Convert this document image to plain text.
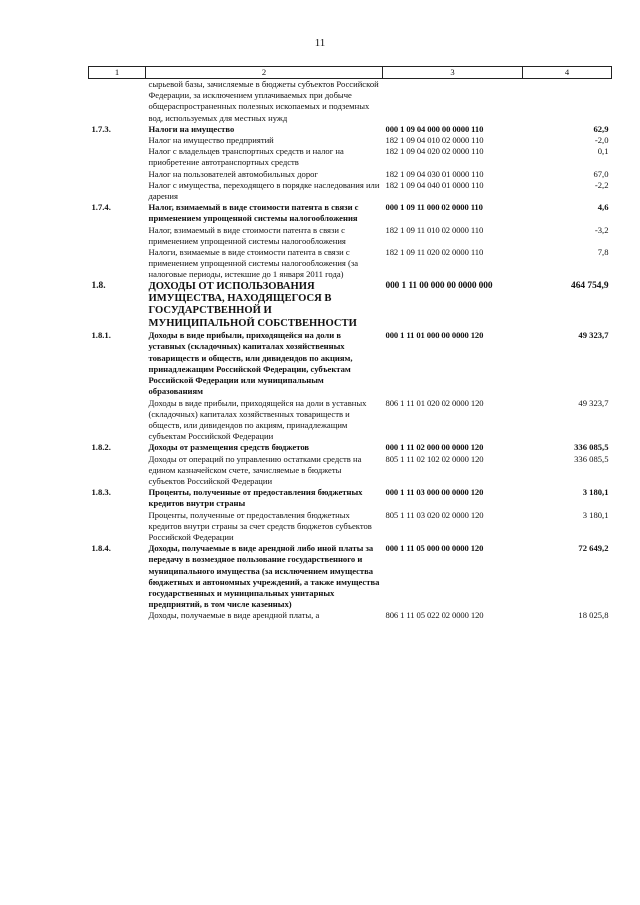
11
1	2	3	4
	сырьевой базы, зачисляемые в бюджеты субъектов Российской Федерации, за исключением уплачиваемых при добыче общераспространенных полезных ископаемых и подземных вод, используемых для местных нужд		
1.7.3.	Налоги на имущество	000 1 09 04 000 00 0000 110	62,9
	Налог на имущество предприятий	182 1 09 04 010 02 0000 110	-2,0
	Налог с владельцев транспортных средств и налог на приобретение автотранспортных средств	182 1 09 04 020 02 0000 110	0,1
	Налог на пользователей автомобильных дорог	182 1 09 04 030 01 0000 110	67,0
	Налог с имущества, переходящего в порядке наследования или дарения	182 1 09 04 040 01 0000 110	-2,2
1.7.4.	Налог, взимаемый в виде стоимости патента в связи с применением упрощенной системы налогообложения	000 1 09 11 000 02 0000 110	4,6
	Налог, взимаемый в виде стоимости патента в связи с применением упрощенной системы налогообложения	182 1 09 11 010 02 0000 110	-3,2
	Налоги, взимаемые в виде стоимости патента в связи с применением упрощенной системы налогообложения (за налоговые периоды, истекшие до 1 января 2011 года)	182 1 09 11 020 02 0000 110	7,8
1.8.	ДОХОДЫ ОТ ИСПОЛЬЗОВАНИЯ ИМУЩЕСТВА, НАХОДЯЩЕГОСЯ В ГОСУДАРСТВЕННОЙ И МУНИЦИПАЛЬНОЙ СОБСТВЕННОСТИ	000 1 11 00 000 00 0000 000	464 754,9
1.8.1.	Доходы в виде прибыли, приходящейся на доли в уставных (складочных) капиталах хозяйственных товариществ и обществ, или дивидендов по акциям, принадлежащим Российской Федерации, субъектам Российской Федерации или муниципальным образованиям	000 1 11 01 000 00 0000 120	49 323,7
	Доходы в виде прибыли, приходящейся на доли в уставных (складочных) капиталах хозяйственных товариществ и обществ, или дивидендов по акциям, принадлежащим субъектам Российской Федерации	806 1 11 01 020 02 0000 120	49 323,7
1.8.2.	Доходы от размещения средств бюджетов	000 1 11 02 000 00 0000 120	336 085,5
	Доходы от операций по управлению остатками средств на едином казначейском счете, зачисляемые в бюджеты субъектов Российской Федерации	805 1 11 02 102 02 0000 120	336 085,5
1.8.3.	Проценты, полученные от предоставления бюджетных кредитов внутри страны	000 1 11 03 000 00 0000 120	3 180,1
	Проценты, полученные от предоставления бюджетных кредитов внутри страны за счет средств бюджетов субъектов Российской Федерации	805 1 11 03 020 02 0000 120	3 180,1
1.8.4.	Доходы, получаемые в виде арендной либо иной платы за передачу в возмездное пользование государственного и муниципального имущества (за исключением имущества бюджетных и автономных учреждений, а также имущества государственных и муниципальных унитарных предприятий, в том числе казенных)	000 1 11 05 000 00 0000 120	72 649,2
	Доходы, получаемые в виде арендной платы, а	806 1 11 05 022 02 0000 120	18 025,8
